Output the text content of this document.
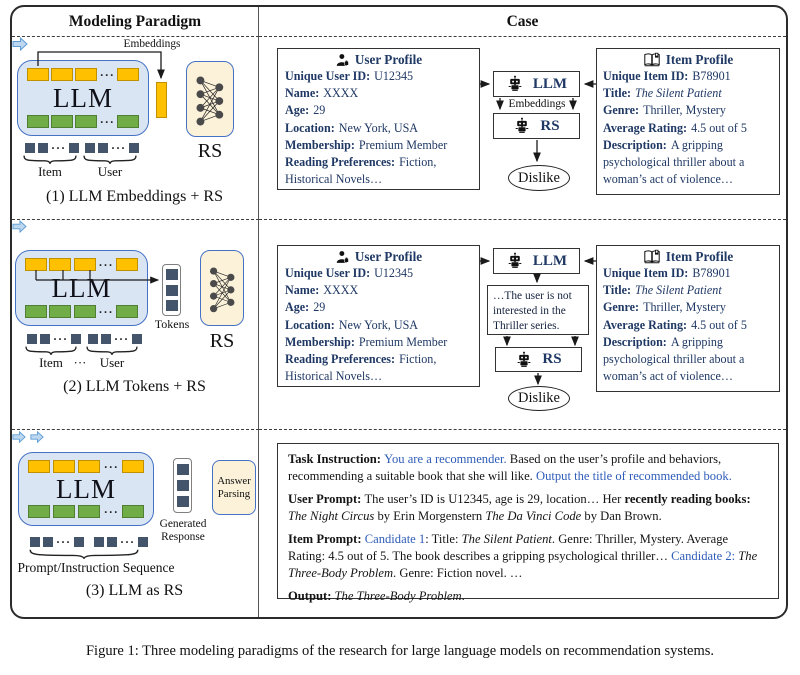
Modeling Paradigm	Case
Embeddings
···
LLM
···
RS
···	···
Item	User
(1) LLM Embeddings + RS
User Profile
Unique User ID: U12345
Name: XXXX
Age: 29
Location: New York, USA
Membership: Premium Member
Reading Preferences: Fiction, Historical Novels…
LLM
Embeddings
RS
Dislike
Item Profile
Unique Item ID: B78901
Title: The Silent Patient
Genre: Thriller, Mystery
Average Rating: 4.5 out of 5
Description: A gripping psychological thriller about a woman’s act of violence…
···
LLM
···
Tokens
RS
···	···
Item ···	User
(2) LLM Tokens + RS
User Profile
Unique User ID: U12345
Name: XXXX
Age: 29
Location: New York, USA
Membership: Premium Member
Reading Preferences: Fiction, Historical Novels…
LLM
…The user is not interested in the Thriller series.
RS
Dislike
Item Profile
Unique Item ID: B78901
Title: The Silent Patient
Genre: Thriller, Mystery
Average Rating: 4.5 out of 5
Description: A gripping psychological thriller about a woman’s act of violence…
···
LLM
···

Answer Parsing
Generated Response
···	···
Prompt/Instruction Sequence
(3) LLM as RS

Task Instruction: You are a recommender. Based on the user’s profile and behaviors, recommending a suitable book that she will like. Output the title of recommended book.

User Prompt: The user’s ID is U12345, age is 29, location… Her recently reading books: The Night Circus by Erin Morgenstern The Da Vinci Code by Dan Brown.

Item Prompt: Candidate 1: Title: The Silent Patient. Genre: Thriller, Mystery. Average Rating: 4.5 out of 5. The book describes a gripping psychological thriller… Candidate 2: The Three-Body Problem. Genre: Fiction novel. …

Output: The Three-Body Problem.

Figure 1: Three modeling paradigms of the research for large language models on recommendation systems.
